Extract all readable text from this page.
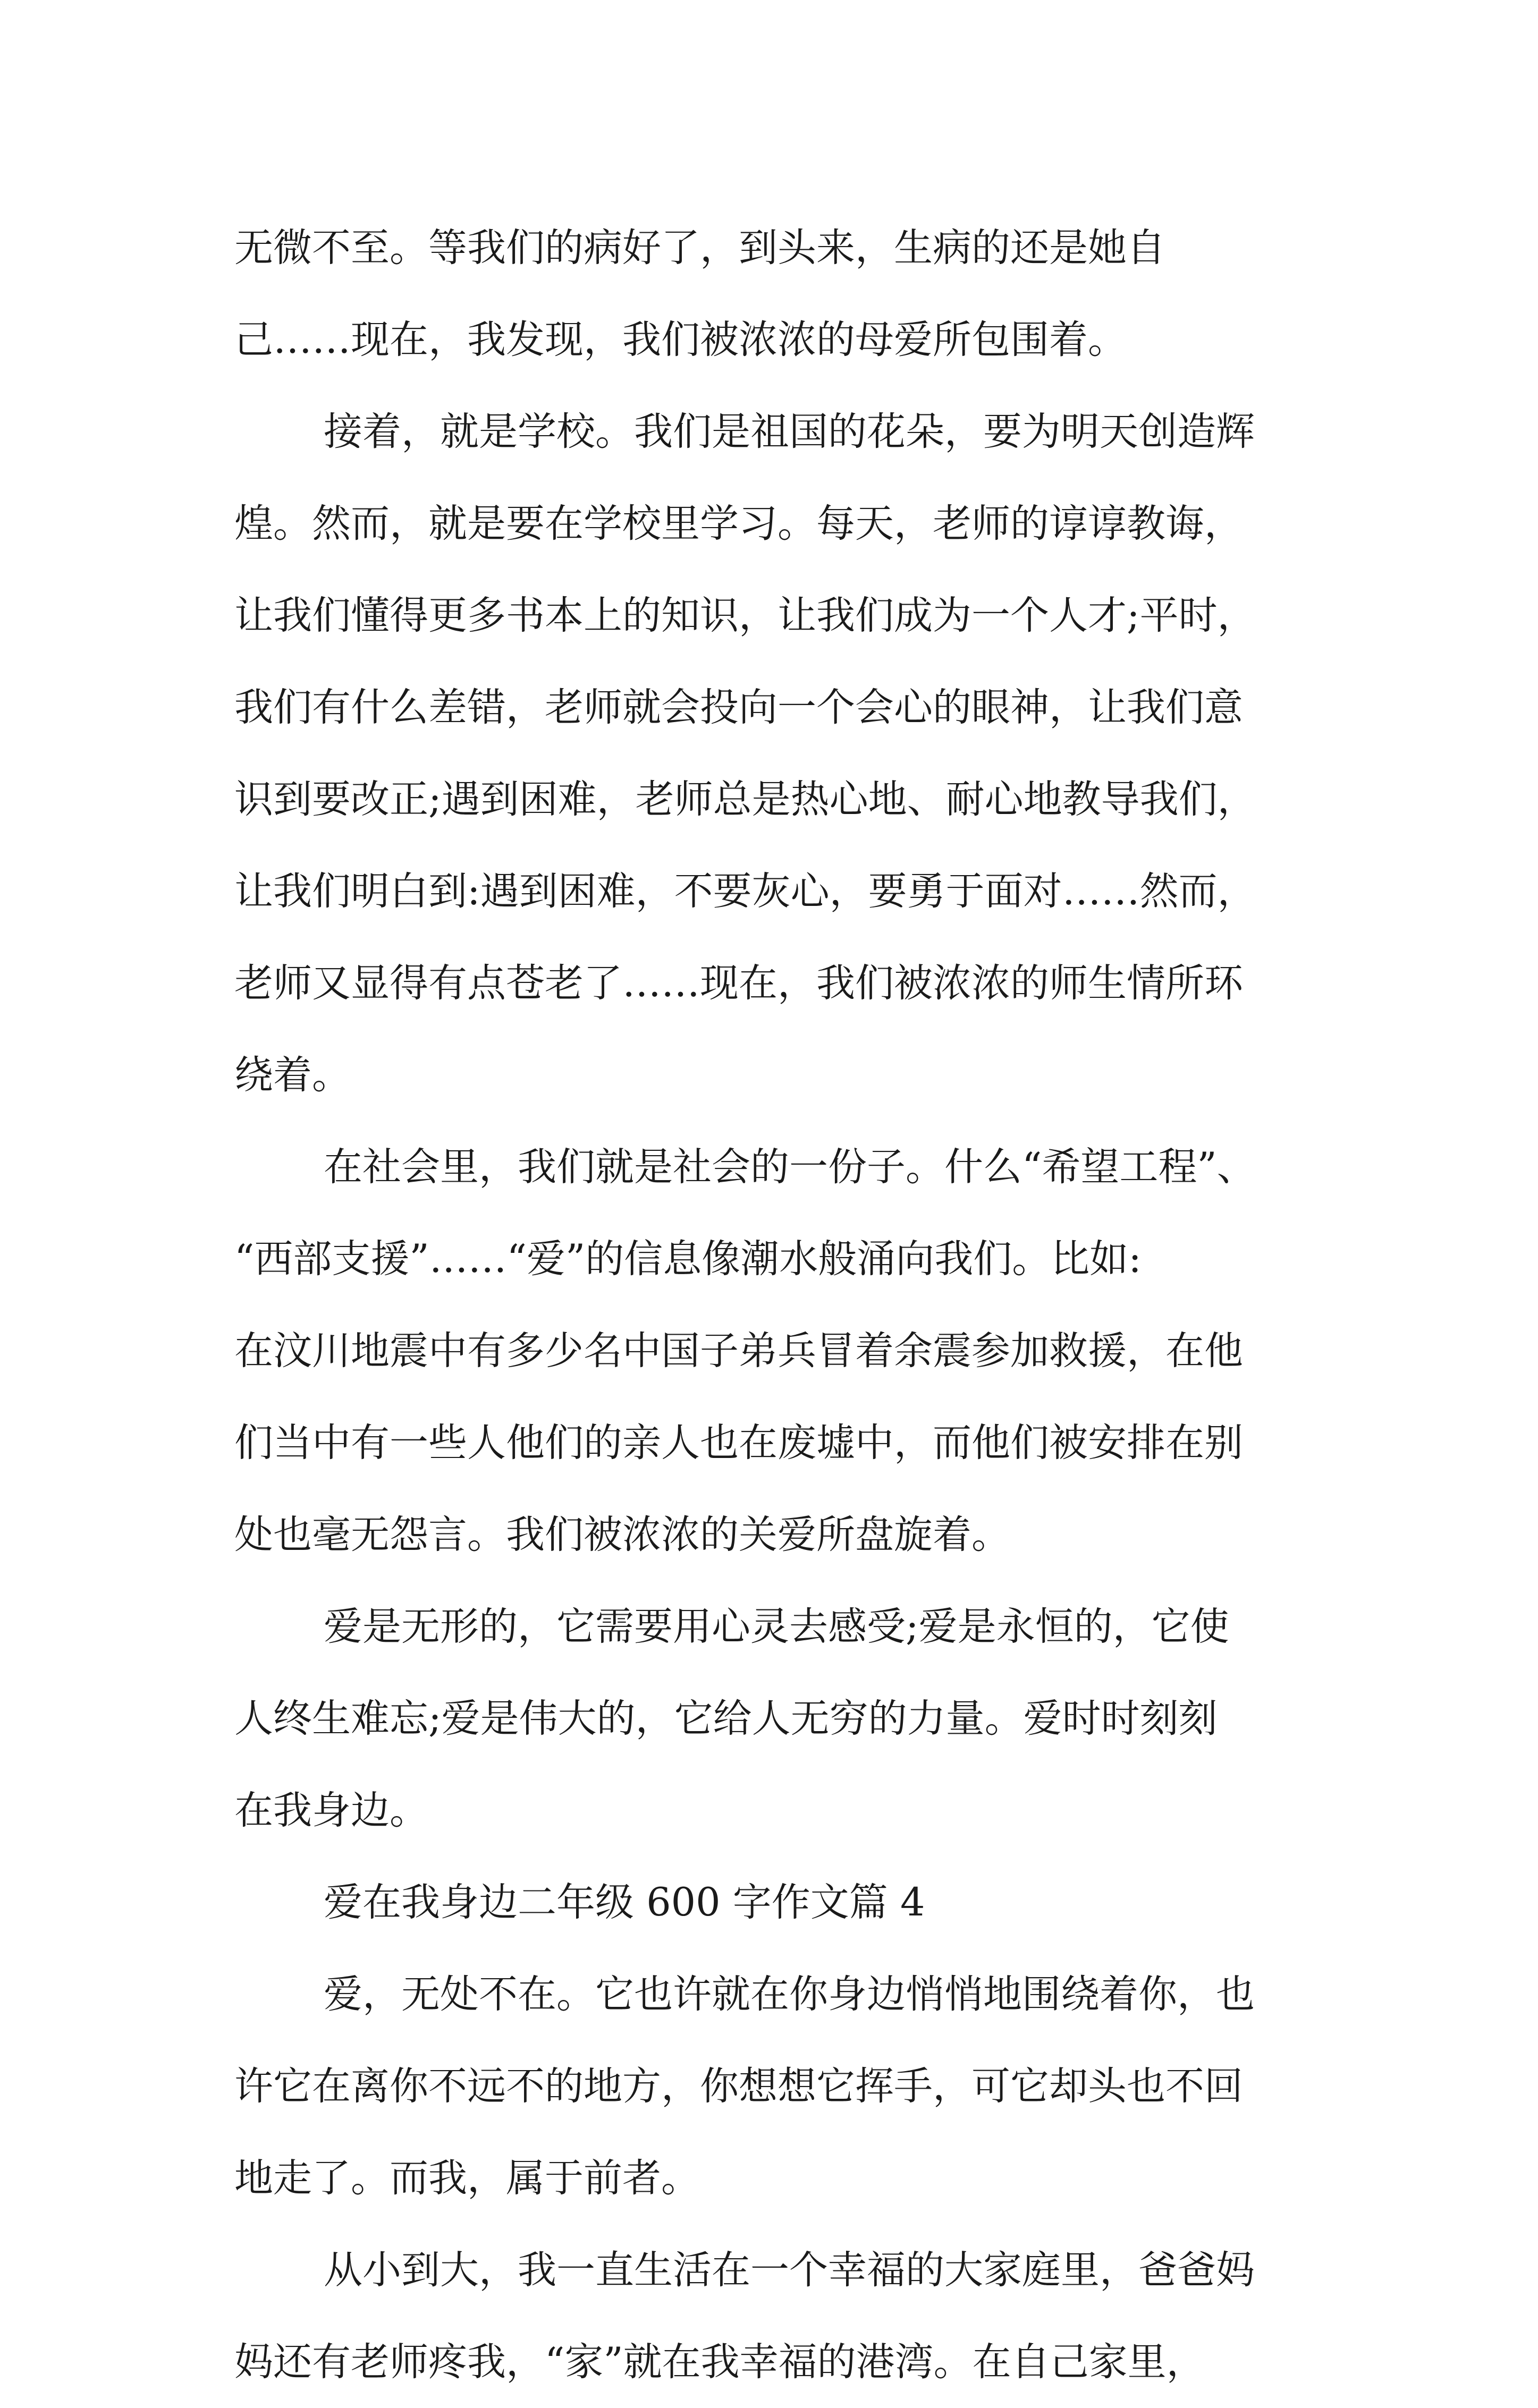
无微不至。等我们的病好了，到头来，生病的还是她自
己……现在，我发现，我们被浓浓的母爱所包围着。
接着，就是学校。我们是祖国的花朵，要为明天创造辉
煌。然而，就是要在学校里学习。每天，老师的谆谆教诲，
让我们懂得更多书本上的知识，让我们成为一个人才;平时，
我们有什么差错，老师就会投向一个会心的眼神，让我们意
识到要改正;遇到困难，老师总是热心地、耐心地教导我们，
让我们明白到:遇到困难，不要灰心，要勇于面对……然而，
老师又显得有点苍老了……现在，我们被浓浓的师生情所环
绕着。
在社会里，我们就是社会的一份子。什么“希望工程”、
“西部支援”……“爱”的信息像潮水般涌向我们。比如:
在汶川地震中有多少名中国子弟兵冒着余震参加救援，在他
们当中有一些人他们的亲人也在废墟中，而他们被安排在别
处也毫无怨言。我们被浓浓的关爱所盘旋着。
爱是无形的，它需要用心灵去感受;爱是永恒的，它使
人终生难忘;爱是伟大的，它给人无穷的力量。爱时时刻刻
在我身边。
爱在我身边二年级 600 字作文篇 4
爱，无处不在。它也许就在你身边悄悄地围绕着你，也
许它在离你不远不的地方，你想想它挥手，可它却头也不回
地走了。而我，属于前者。
从小到大，我一直生活在一个幸福的大家庭里，爸爸妈
妈还有老师疼我，“家”就在我幸福的港湾。在自己家里，
